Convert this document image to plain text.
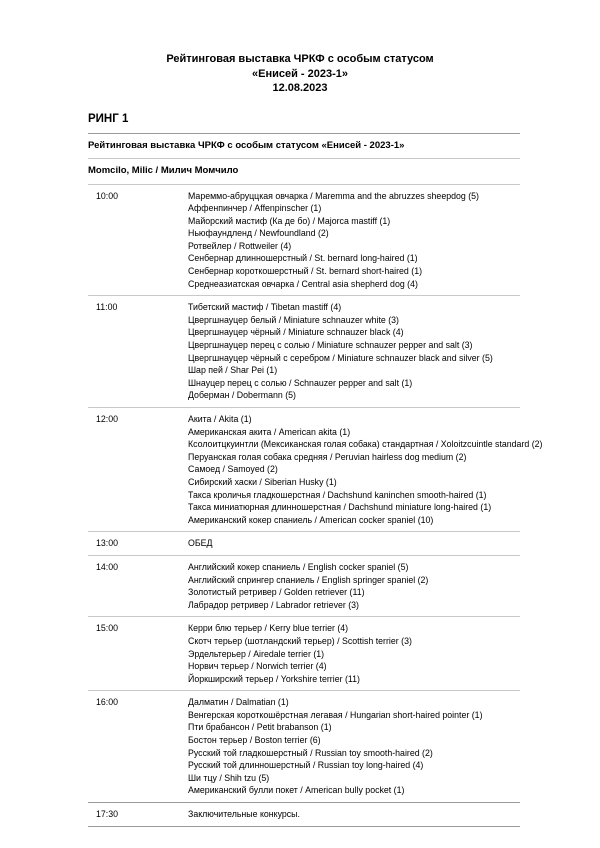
Рейтинговая выставка ЧРКФ с особым статусом
«Енисей - 2023-1»
12.08.2023
РИНГ 1
Рейтинговая выставка ЧРКФ с особым статусом «Енисей - 2023-1»
Momcilo, Milic / Милич Момчило
10:00	Мареммо-абруццкая овчарка / Maremma and the abruzzes sheepdog (5)
Аффенпинчер / Affenpinscher (1)
Майорский мастиф (Ка де бо) / Majorca mastiff (1)
Ньюфаундленд / Newfoundland (2)
Ротвейлер / Rottweiler (4)
Сенбернар длинношерстный / St. bernard long-haired (1)
Сенбернар короткошерстный / St. bernard short-haired (1)
Среднеазиатская овчарка / Central asia shepherd dog (4)
11:00	Тибетский мастиф / Tibetan mastiff (4)
Цвергшнауцер белый / Miniature schnauzer white (3)
Цвергшнауцер чёрный / Miniature schnauzer black (4)
Цвергшнауцер перец с солью / Miniature schnauzer pepper and salt (3)
Цвергшнауцер чёрный с серебром / Miniature schnauzer black and silver (5)
Шар пей / Shar Pei (1)
Шнауцер перец с солью / Schnauzer pepper and salt (1)
Доберман / Dobermann (5)
12:00	Акита / Akita (1)
Американская акита / American akita (1)
Ксолоитцкуинтли (Мексиканская голая собака) стандартная / Xoloitzcuintle standard (2)
Перуанская голая собака средняя / Peruvian hairless dog medium (2)
Самоед / Samoyed (2)
Сибирский хаски / Siberian Husky (1)
Такса кроличья гладкошерстная / Dachshund kaninchen smooth-haired (1)
Такса миниатюрная длинношерстная / Dachshund miniature long-haired (1)
Американский кокер спаниель / American cocker spaniel (10)
13:00	ОБЕД
14:00	Английский кокер спаниель / English cocker spaniel (5)
Английский спрингер спаниель / English springer spaniel (2)
Золотистый ретривер / Golden retriever (11)
Лабрадор ретривер / Labrador retriever (3)
15:00	Керри блю терьер / Kerry blue terrier (4)
Скотч терьер (шотландский терьер) / Scottish terrier (3)
Эрдельтерьер / Airedale terrier (1)
Норвич терьер / Norwich terrier (4)
Йоркширский терьер / Yorkshire terrier (11)
16:00	Далматин / Dalmatian (1)
Венгерская короткошёрстная легавая / Hungarian short-haired pointer (1)
Пти брабансон / Petit brabanson (1)
Бостон терьер / Boston terrier (6)
Русский той гладкошерстный / Russian toy smooth-haired (2)
Русский той длинношерстный / Russian toy long-haired (4)
Ши тцу / Shih tzu (5)
Американский булли покет / American bully pocket (1)
17:30	Заключительные конкурсы.
